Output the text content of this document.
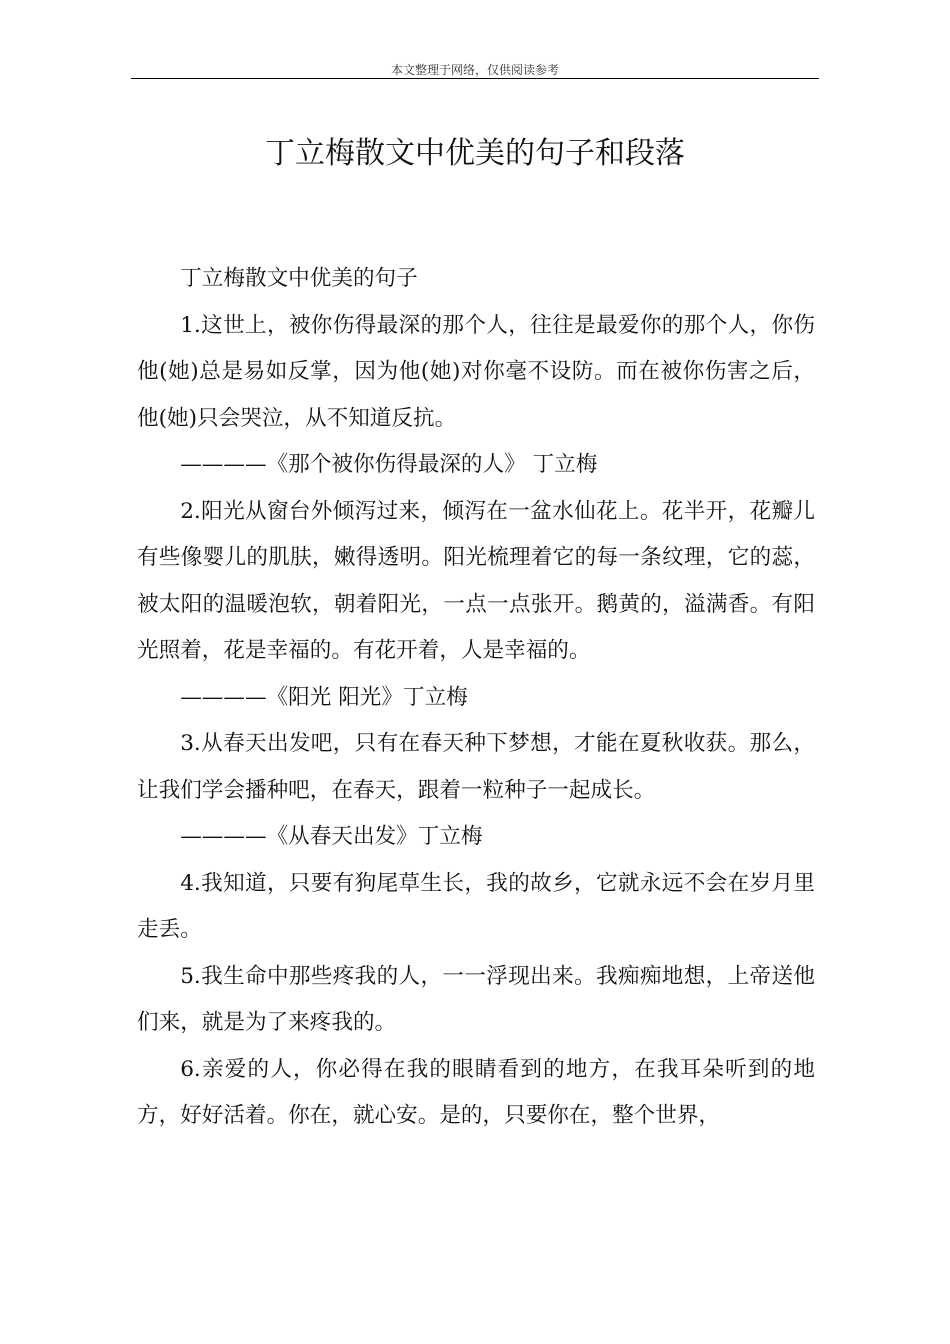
本文整理于网络，仅供阅读参考
丁立梅散文中优美的句子和段落

丁立梅散文中优美的句子

1.这世上，被你伤得最深的那个人，往往是最爱你的那个人，你伤他(她)总是易如反掌，因为他(她)对你毫不设防。而在被你伤害之后，他(她)只会哭泣，从不知道反抗。

————《那个被你伤得最深的人》 丁立梅

2.阳光从窗台外倾泻过来，倾泻在一盆水仙花上。花半开，花瓣儿有些像婴儿的肌肤，嫩得透明。阳光梳理着它的每一条纹理，它的蕊，被太阳的温暖泡软，朝着阳光，一点一点张开。鹅黄的，溢满香。有阳光照着，花是幸福的。有花开着，人是幸福的。

————《阳光 阳光》丁立梅

3.从春天出发吧，只有在春天种下梦想，才能在夏秋收获。那么，让我们学会播种吧，在春天，跟着一粒种子一起成长。

————《从春天出发》丁立梅

4.我知道，只要有狗尾草生长，我的故乡，它就永远不会在岁月里走丢。

5.我生命中那些疼我的人，一一浮现出来。我痴痴地想，上帝送他们来，就是为了来疼我的。

6.亲爱的人，你必得在我的眼睛看到的地方，在我耳朵听到的地方，好好活着。你在，就心安。是的，只要你在，整个世界，
